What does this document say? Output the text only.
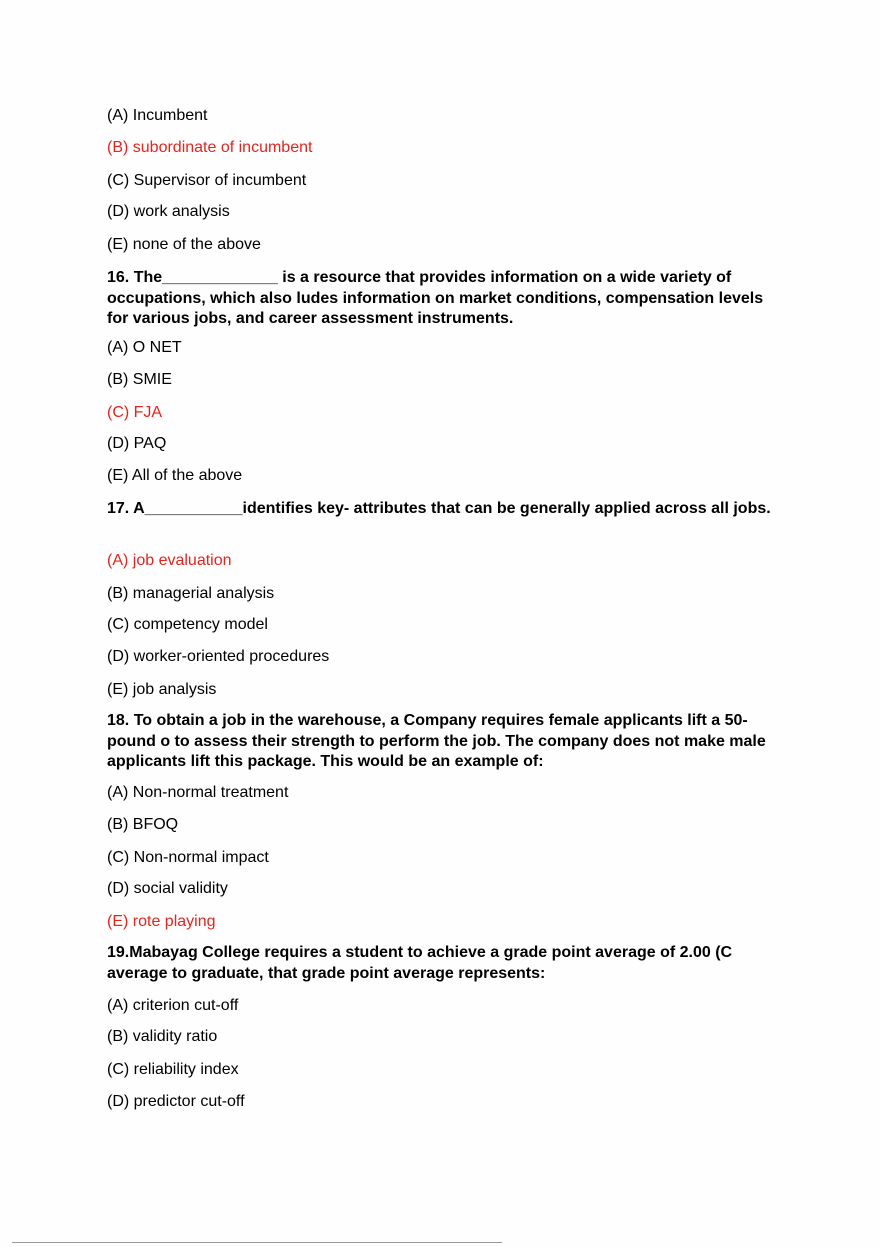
(A) Incumbent
(B) subordinate of incumbent
(C) Supervisor of incumbent
(D) work analysis
(E) none of the above
16. The_____________ is a resource that provides information on a wide variety of occupations, which also ludes information on market conditions, compensation levels for various jobs, and career assessment instruments.
(A) O NET
(B) SMIE
(C) FJA
(D) PAQ
(E) All of the above
17. A___________identifies key- attributes that can be generally applied across all jobs.
(A) job evaluation
(B) managerial analysis
(C) competency model
(D) worker-oriented procedures
(E) job analysis
18. To obtain a job in the warehouse, a Company requires female applicants lift a 50-pound o to assess their strength to perform the job. The company does not make male applicants lift this package. This would be an example of:
(A) Non-normal treatment
(B) BFOQ
(C) Non-normal impact
(D) social validity
(E) rote playing
19.Mabayag College requires a student to achieve a grade point average of 2.00 (C average to graduate, that grade point average represents:
(A) criterion cut-off
(B) validity ratio
(C) reliability index
(D) predictor cut-off
